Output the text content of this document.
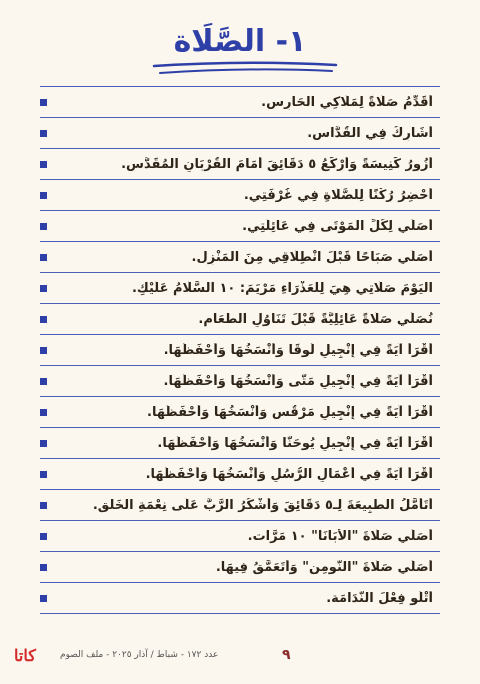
١- الصَّلَاة
أُقَدِّمُ صَلَاةً لِمَلَاكِي الحَارِس.
أُشَارِكُ فِي القُدَّاس.
أَزُورُ كَنِيسَةً وَأَرْكَعُ ٥ دَقَائِقَ أَمَامَ القُرْبَانِ المُقَدَّس.
أُحْضِرُ رُكْنًا لِلصَّلَاةِ فِي غُرْفَتِي.
أُصَلِّي لِكُلِّ المَوْتَى فِي عَائِلَتِي.
أُصَلِّي صَبَاحًا قَبْلَ انْطِلَاقِي مِنَ المَنْزِل.
اليَوْمَ صَلَاتِي هِيَ لِلْعَذْرَاءِ مَرْيَمَ: ١٠ السَّلَامُ عَلَيْكِ.
نُصَلِّي صَلَاةً عَائِلِيَّةً قَبْلَ تَنَاوُلِ الطَّعَام.
أَقْرَأُ آيَةً فِي إِنْجِيلِ لُوقَا وَأَنْسَخُهَا وَأَحْفَظُهَا.
أَقْرَأُ آيَةً فِي إِنْجِيلِ مَتَّى وَأَنْسَخُهَا وَأَحْفَظُهَا.
أَقْرَأُ آيَةً فِي إِنْجِيلِ مَرْقُس وَأَنْسَخُهَا وَأَحْفَظُهَا.
أَقْرَأُ آيَةً فِي إِنْجِيلِ يُوحَنَّا وَأَنْسَخُهَا وَأَحْفَظُهَا.
أَقْرَأُ آيَةً فِي أَعْمَالِ الرُّسُلِ وَأَنْسَخُهَا وَأَحْفَظُهَا.
أَتَأَمَّلُ الطَّبِيعَةَ لِـ٥ دَقَائِقَ وَأَشْكُرُ الرَّبَّ عَلَى نِعْمَةِ الخَلْق.
أُصَلِّي صَلَاةَ "الأَبَانَا" ١٠ مَرَّات.
أُصَلِّي صَلَاةَ "النُّومِن" وَأَتَعَمَّقُ فِيهَا.
أَتْلُو فِعْلَ النَّدَامَة.
كاتا	عدد ١٧٢ - شباط / آذار ٢٠٢٥ - ملف الصوم	٩
